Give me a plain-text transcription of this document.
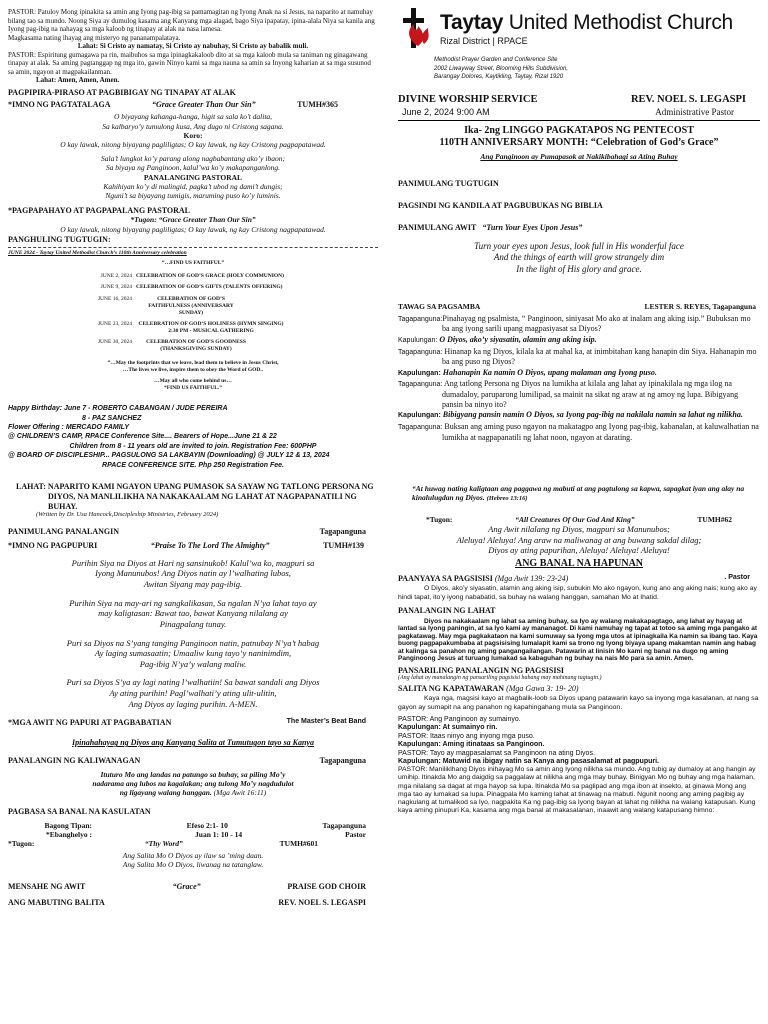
PASTOR: Patuloy Mong ipinakita sa amin ang Iyong pag-ibig sa pamamagitan ng Iyong Anak na si Jesus, na naparito at namuhay bilang tao sa mundo. Noong Siya ay dumulog kasama ang Kanyang mga alagad, bago Siya ipapatay, ipina-alala Niya sa kanila ang Iyong pag-ibig na nahayag sa mga kaloob ng tinapay at alak na nasa lamesa.

Magkasama nating ihayag ang misteryo ng pananampalataya.

Lahat: Si Cristo ay namatay, Si Cristo ay nabuhay, Si Cristo ay babalik muli.

PASTOR: Espiritung gumagawa pa rin, maibuhos sa mga ipinagkakaloob dito at sa mga kaloob mula sa taniman ng ginagawang tinapay at alak. Sa aming pagtanggap ng mga ito, gawin Ninyo kami sa mga nauna sa amin sa Inyong kaharian at sa mga susunod sa amin, ngayon at magpakailanman.

Lahat: Amen, Amen, Amen.

PAGPIPIRA-PIRASO AT PAGBIBIGAY NG TINAPAY AT ALAK

*IMNO NG PAGTATALAGA	“Grace Greater Than Our Sin”	TUMH#365

O biyayang kahanga-hanga, higit sa sala ko’t dalita,

Sa kalbaryo’y tumulong kusa, Ang dugo ni Cristong sagana.

Koro:

O kay lawak, nitong biyayang pagliligtas; O kay lawak, ng kay Cristong pagpapatawad.

Sala’t lungkot ko’y parang along nagbabantang ako’y ibaon;

Sa biyaya ng Panginoon, kalul’wa ko’y makapanganlong.

PANALANGING PASTORAL

Kahihiyan ko’y di malingid, pagka’t ubod ng dami’t dungis;

Nguni’t sa biyayang tumigis, maruming puso ko’y luminis.

*PAGPAPAHAYO AT PAGPAPALANG PASTORAL

*Tugon: “Grace Greater Than Our Sin”

O kay lawak, nitong biyayang pagliligtas; O kay lawak, ng kay Cristong nagpapatawad.

PANGHULING TUGTUGIN:

JUNE 2024 - Taytay United Methodist Church’s 110th Anniversary celebration

“…FIND US FAITHFUL”

JUNE 2, 2024 CELEBRATION OF GOD’S GRACE (HOLY COMMUNION)
JUNE 9, 2024 CELEBRATION OF GOD’S GIFTS (TALENTS OFFERING)
JUNE 16, 2024	CELEBRATION OF GOD’S FAITHFULNESS (ANNIVERSARY SUNDAY)
JUNE 23, 2024	CELEBRATION OF GOD’S HOLINESS (HYMN SINGING) 2:30 PM - MUSICAL GATHERING
JUNE 30, 2024	CELEBRATION OF GOD’S GOODNESS (THANKSGIVING SUNDAY)

“…May the footprints that we leave, lead them to believe in Jesus Christ,

…The lives we live, inspire them to obey the Word of GOD..

…May all who come behind us…

*FIND US FAITHFUL.”

Happy Birthday: June 7 - ROBERTO CABANGAN / JUDE PEREIRA

8 - PAZ SANCHEZ

Flower Offering : MERCADO FAMILY

@ CHILDREN’S CAMP, RPACE Conference Site.... Bearers of Hope...June 21 & 22

Children from 8 - 11 years old are invited to join. Registration Fee: 600PHP

@ BOARD OF DISCIPLESHIP... PAGSULONG SA LAKBAYIN (Downloading) @ JULY 12 & 13, 2024

RPACE CONFERENCE SITE. Php 250 Registration Fee.

LAHAT: NAPARITO KAMI NGAYON UPANG PUMASOK SA SAYAW NG TATLONG PERSONA NG DIYOS, NA MANLILIKHA NA NAKAKAALAM NG LAHAT AT NAGPAPANATILI NG BUHAY.

(Written by Dr. Usa Hancock,Discipleship Ministries, February 2024)

PANIMULANG PANALANGIN	Tagapanguna
*IMNO NG PAGPUPURI	“Praise To The Lord The Almighty”	TUMH#139

Purihin Siya na Diyos at Hari ng sansinukob! Kalul’wa ko, magpuri sa

Iyong Manunubos! Ang Diyos natin ay l’walhating lubos,

Awitan Siyang may pag-ibig.

Purihin Siya na may-ari ng sangkalikasan, Sa ngalan N’ya lahat tayo ay

may kaligtasan: Bawat tao, bawat Kanyang nilalang ay

Pinagpalang tunay.

Puri sa Diyos na S’yang tanging Panginoon natin, patnubay N’ya’t habag

Ay laging sumasaatin; Umaaliw kung tayo’y naninimdim,

Pag-ibig N’ya’y walang maliw.

Puri sa Diyos S’ya ay lagi nating l’walhatiin! Sa bawat sandali ang Diyos

Ay ating purihin! Pagl’walhati’y ating ulit-ulitin,

Ang Diyos ay laging purihin. A-MEN.

*MGA AWIT NG PAPURI AT PAGBABATIAN	The Master’s Beat Band

Ipinahahayag ng Diyos ang Kanyang Salita at Tumutugon tayo sa Kanya

PANALANGIN NG KALIWANAGAN	Tagapanguna

Ituturo Mo ang landas na patungo sa buhay, sa piling Mo’y

nadarama ang lubos na kagalakan; ang tulong Mo’y nagdudulot

ng ligayang walang hanggan. (Mga Awit 16:11)

PAGBASA SA BANAL NA KASULATAN

Bagong Tipan:	Efeso 2:1- 10	Tagapanguna
*Ebanghelyo :	Juan 1: 10 - 14	Pastor
*Tugon:	“Thy Word”	TUMH#601

Ang Salita Mo O Diyos ay ilaw sa ’ming daan.

Ang Salita Mo O Diyos, liwanag na tatanglaw.

MENSAHE NG AWIT	“Grace”	PRAISE GOD CHOIR
ANG MABUTING BALITA	REV. NOEL S. LEGASPI
Taytay United Methodist Church
Rizal District | RPACE

Methodist Prayer Garden and Conference Site

2002 Liwayway Street, Blooming Hills Subdivision,

Barangay Dolores, Kaytikling, Taytay, Rizal 1920

DIVINE WORSHIP SERVICE	REV. NOEL S. LEGASPI
June 2, 2024 9:00 AM	Administrative Pastor

Ika- 2ng LINGGO PAGKATAPOS NG PENTECOST

110TH ANNIVERSARY MONTH: “Celebration of God’s Grace”

Ang Panginoon ay Pumapasok at Nakikibahagi sa Ating Buhay

PANIMULANG TUGTUGIN

PAGSINDI NG KANDILA AT PAGBUBUKAS NG BIBLIA

PANIMULANG AWIT “Turn Your Eyes Upon Jesus”

Turn your eyes upon Jesus, look full in His wonderful face

And the things of earth will grow strangely dim

In the light of His glory and grace.

TAWAG SA PAGSAMBA	LESTER S. REYES, Tagapanguna

Tagapanguna:Pinahayag ng psalmista, “ Panginoon, siniyasat Mo ako at inalam ang aking isip.” Bubuksan mo ba ang iyong sarili upang magpasiyasat sa Diyos?

Kapulungan: O Diyos, ako’y siyasatin, alamin ang aking isip.

Tagapanguna: Hinanap ka ng Diyos, kilala ka at mahal ka, at inimbitahan kang hanapin din Siya. Hahanapin mo ba ang puso ng Diyos?

Kapulungan: Hahanapin Ka namin O Diyos, upang malaman ang Iyong puso.

Tagapanguna: Ang tatlong Persona ng Diyos na lumikha at kilala ang lahat ay ipinakilala ng mga ilog na dumadaloy, paruparong lumilipad, sa mainit na sikat ng araw at ng amoy ng lupa. Bibigyang pansin ba ninyo ito?

Kapulungan: Bibigyang pansin namin O Diyos, sa Iyong pag-ibig na nakilala namin sa lahat ng nilikha.

Tagapanguna: Buksan ang aming puso ngayon na makatagpo ang Iyong pag-ibig, kabanalan, at kaluwalhatian na lumikha at nagpapanatili ng lahat noon, ngayon at darating.

“At huwag nating kaligtaan ang paggawa ng mabuti at ang pagtulong sa kapwa, sapagkat iyan ang alay na kinalulugdan ng Diyos. (Hebreo 13:16)

*Tugon:	“All Creatures Of Our God And King”	TUMH#62

Ang Awit nilalang ng Diyos, magpuri sa Manunubos;

Aleluya! Aleluya! Ang araw na maliwanag at ang buwang sakdal dilag;

Diyos ay ating papurihan, Aleluya! Aleluya! Aleluya!

ANG BANAL NA HAPUNAN

PAANYAYA SA PAGSISISI (Mga Awit 139: 23-24)	. Pastor

O Diyos, ako’y siyasatin, alamin ang aking isip, subukin Mo ako ngayon, kung ano ang aking nais; kung ako ay hindi tapat, ito’y iyong nababatid, sa buhay na walang hanggan, samahan Mo at Ihatid.

PANALANGIN NG LAHAT

Diyos na nakakaalam ng lahat sa aming buhay, sa Iyo ay walang makakapagtago, ang lahat ay hayag at lantad sa Iyong paningin, at sa Iyo kami ay mananagot. Di kami namuhay ng tapat at totoo sa aming mga pangako at pagkatawag. May mga pagkakataon na kami sumuway sa Iyong mga utos at ipinagkaila Ka namin sa ibang tao. Kaya buong pagpapakumbaba at pagsisising lumalapit kami sa trono ng Iyong biyaya upang makamtan namin ang habag at kalinga sa panahon ng aming pangangailangan. Patawarin at linisin Mo kami ng banal na dugo ng aming Panginoong Jesus at turuang lumakad sa kabaguhan ng buhay na nais Mo para sa amin. Amen.

PANSARILING PANALANGIN NG PAGSISISI

(Ang lahat ay manalangin ng pansariling pagsisisi habang may mahinang tugtugin.)

SALITA NG KAPATAWARAN (Mga Gawa 3: 19- 20)

Kaya nga, magsisi kayo at magbalik-loob sa Diyos upang patawarin kayo sa inyong mga kasalanan, at nang sa gayon ay sumapit na ang panahon ng kapahingahang mula sa Panginoon.

PASTOR: Ang Panginoon ay sumainyo.

Kapulungan: At sumainyo rin.

PASTOR: Itaas ninyo ang inyong mga puso.

Kapulungan: Aming itinataas sa Panginoon.

PASTOR: Tayo ay magpasalamat sa Panginoon na ating Diyos.

Kapulungan: Matuwid na ibigay natin sa Kanya ang pasasalamat at pagpupuri.

PASTOR: Maniliklhang Diyos inihayag Mo sa amin ang Iyong nilikha sa mundo. Ang tubig ay dumaloy at ang hangin ay umihip. Itinakda Mo ang daigdig sa paggalaw at nilikha ang mga may buhay. Binigyan Mo ng buhay ang mga halaman, mga nilalang sa dagat at mga hayop sa lupa. Itinakda Mo sa paglipad ang mga ibon at insekto, at ginawa Mong ang mga tao ay lumakad sa lupa. Pinagpala Mo kaming lahat at tinawag na mabuti. Ngunit noong ang aming pagibig ay nagkulang at tumalikod sa Iyo, nagpakita Ka ng pag-ibig sa Iyong bayan at lahat ng nilikha na walang katapusan. Kung kaya aming pinupuri Ka, kasama ang mga banal at makasalanan, inaawit ang walang katapusang himno:
